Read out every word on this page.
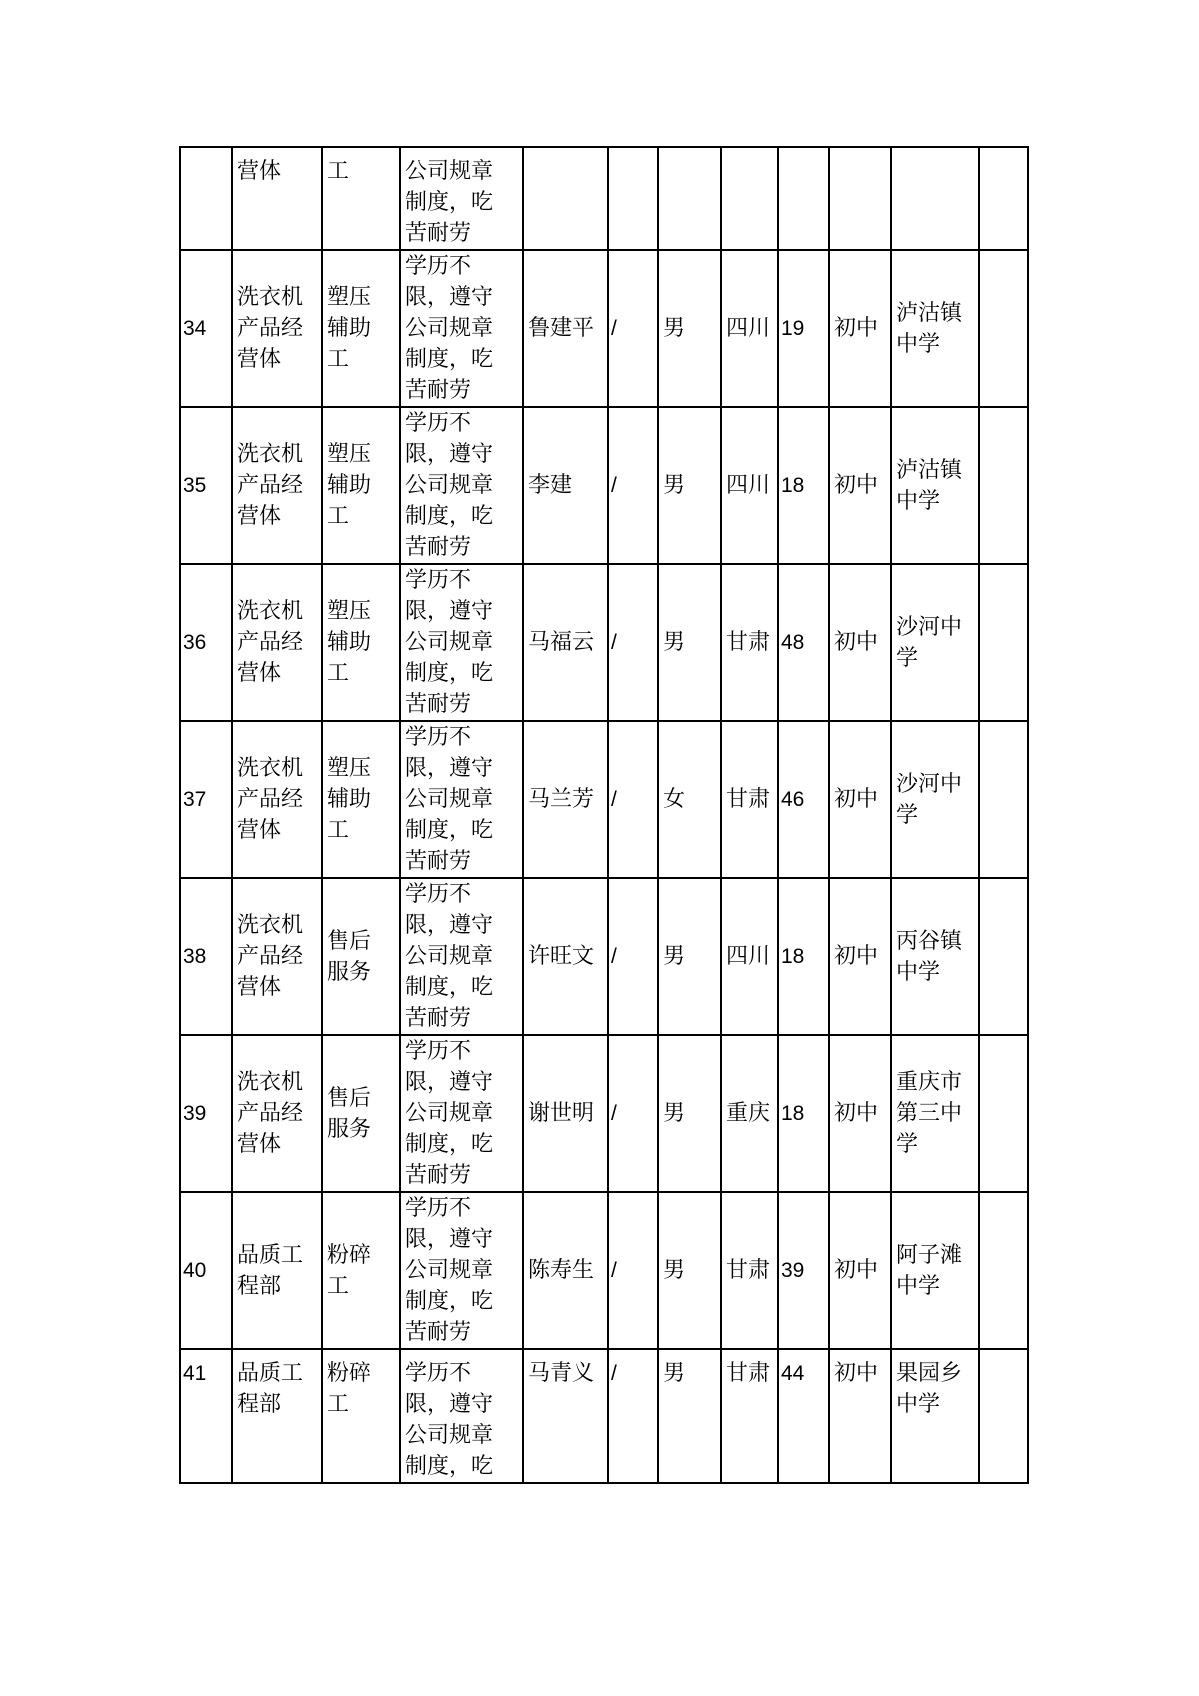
	营体	工	公司规章
制度，吃
苦耐劳								

34	洗衣机
产品经
营体	塑压
辅助
工	学历不
限，遵守
公司规章
制度，吃
苦耐劳	鲁建平	/	男	四川	19	初中	泸沽镇
中学	

35	洗衣机
产品经
营体	塑压
辅助
工	学历不
限，遵守
公司规章
制度，吃
苦耐劳	李建	/	男	四川	18	初中	泸沽镇
中学	

36	洗衣机
产品经
营体	塑压
辅助
工	学历不
限，遵守
公司规章
制度，吃
苦耐劳	马福云	/	男	甘肃	48	初中	沙河中
学	

37	洗衣机
产品经
营体	塑压
辅助
工	学历不
限，遵守
公司规章
制度，吃
苦耐劳	马兰芳	/	女	甘肃	46	初中	沙河中
学	

38	洗衣机
产品经
营体	售后
服务	学历不
限，遵守
公司规章
制度，吃
苦耐劳	许旺文	/	男	四川	18	初中	丙谷镇
中学	

39	洗衣机
产品经
营体	售后
服务	学历不
限，遵守
公司规章
制度，吃
苦耐劳	谢世明	/	男	重庆	18	初中	重庆市
第三中
学	

40	品质工
程部	粉碎
工	学历不
限，遵守
公司规章
制度，吃
苦耐劳	陈寿生	/	男	甘肃	39	初中	阿子滩
中学	

41	品质工
程部	粉碎
工	学历不
限，遵守
公司规章
制度，吃	马青义	/	男	甘肃	44	初中	果园乡
中学	
